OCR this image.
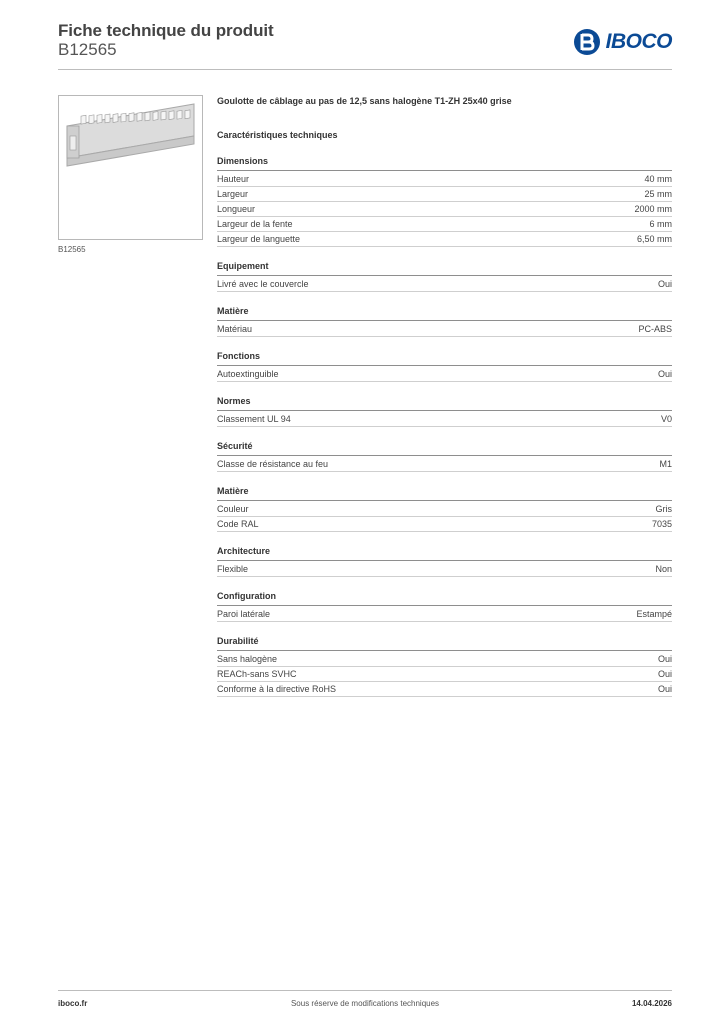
Fiche technique du produit
B12565	IBOCO
B12565
Goulotte de câblage au pas de 12,5 sans halogène T1-ZH 25x40 grise
Caractéristiques techniques
Dimensions
Hauteur	40 mm
Largeur	25 mm
Longueur	2000 mm
Largeur de la fente	6 mm
Largeur de languette	6,50 mm
Equipement
Livré avec le couvercle	Oui
Matière
Matériau	PC-ABS
Fonctions
Autoextinguible	Oui
Normes
Classement UL 94	V0
Sécurité
Classe de résistance au feu	M1
Matière
Couleur	Gris
Code RAL	7035
Architecture
Flexible	Non
Configuration
Paroi latérale	Estampé
Durabilité
Sans halogène	Oui
REACh-sans SVHC	Oui
Conforme à la directive RoHS	Oui
iboco.fr	Sous réserve de modifications techniques	14.04.2026
